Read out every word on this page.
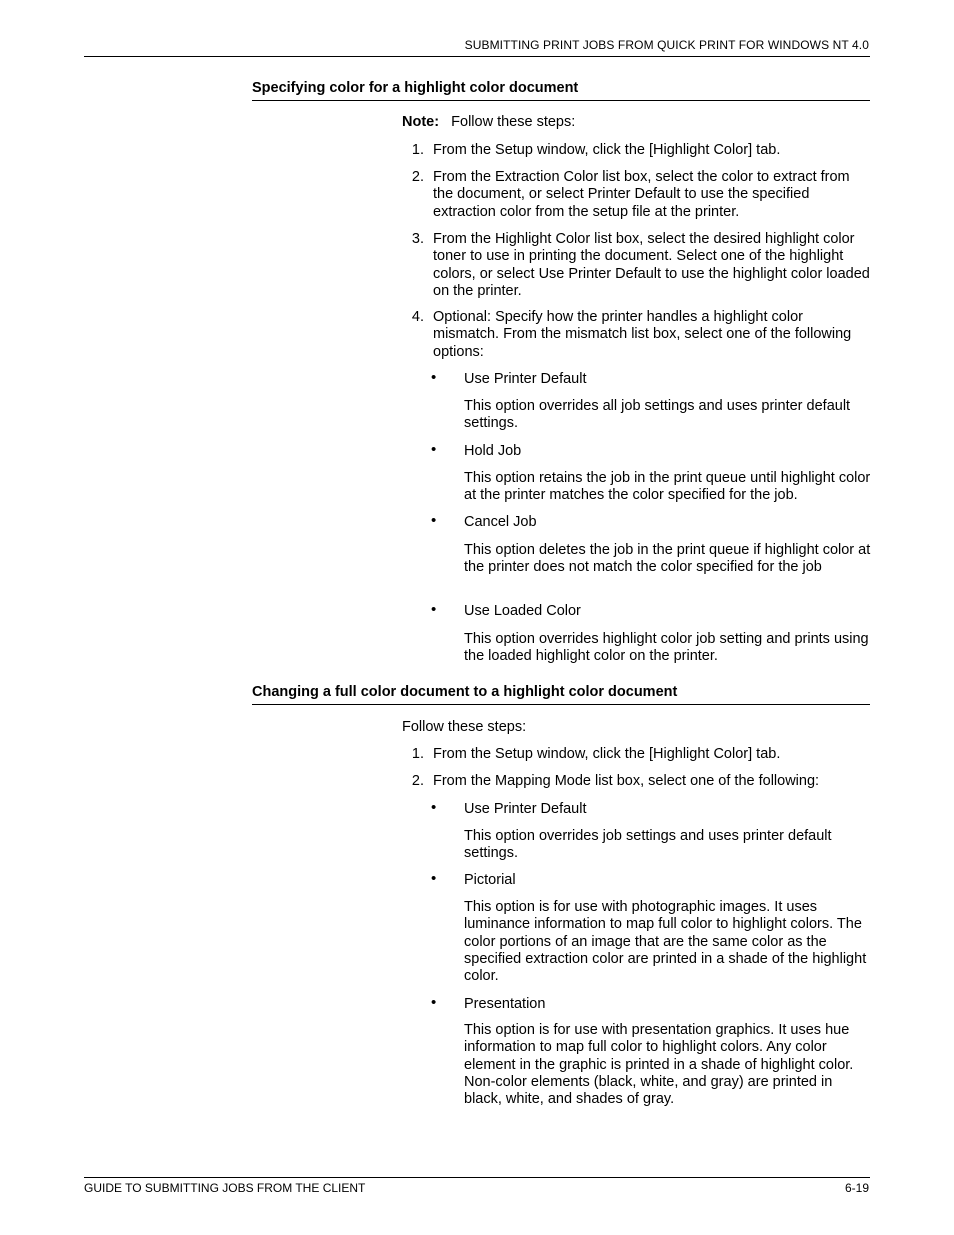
SUBMITTING PRINT JOBS FROM QUICK PRINT FOR WINDOWS NT 4.0
Specifying color for a highlight color document
Note: Follow these steps:
1. From the Setup window, click the [Highlight Color] tab.
2. From the Extraction Color list box, select the color to extract from the document, or select Printer Default to use the specified extraction color from the setup file at the printer.
3. From the Highlight Color list box, select the desired highlight color toner to use in printing the document. Select one of the highlight colors, or select Use Printer Default to use the highlight color loaded on the printer.
4. Optional: Specify how the printer handles a highlight color mismatch. From the mismatch list box, select one of the following options:
•	Use Printer Default
This option overrides all job settings and uses printer default settings.
•	Hold Job
This option retains the job in the print queue until highlight color at the printer matches the color specified for the job.
•	Cancel Job
This option deletes the job in the print queue if highlight color at the printer does not match the color specified for the job
•	Use Loaded Color
This option overrides highlight color job setting and prints using the loaded highlight color on the printer.
Changing a full color document to a highlight color document
Follow these steps:
1. From the Setup window, click the [Highlight Color] tab.
2. From the Mapping Mode list box, select one of the following:
•	Use Printer Default
This option overrides job settings and uses printer default settings.
•	Pictorial
This option is for use with photographic images. It uses luminance information to map full color to highlight colors. The color portions of an image that are the same color as the specified extraction color are printed in a shade of the highlight color.
•	Presentation
This option is for use with presentation graphics. It uses hue information to map full color to highlight colors. Any color element in the graphic is printed in a shade of highlight color. Non-color elements (black, white, and gray) are printed in black, white, and shades of gray.
GUIDE TO SUBMITTING JOBS FROM THE CLIENT	6-19
